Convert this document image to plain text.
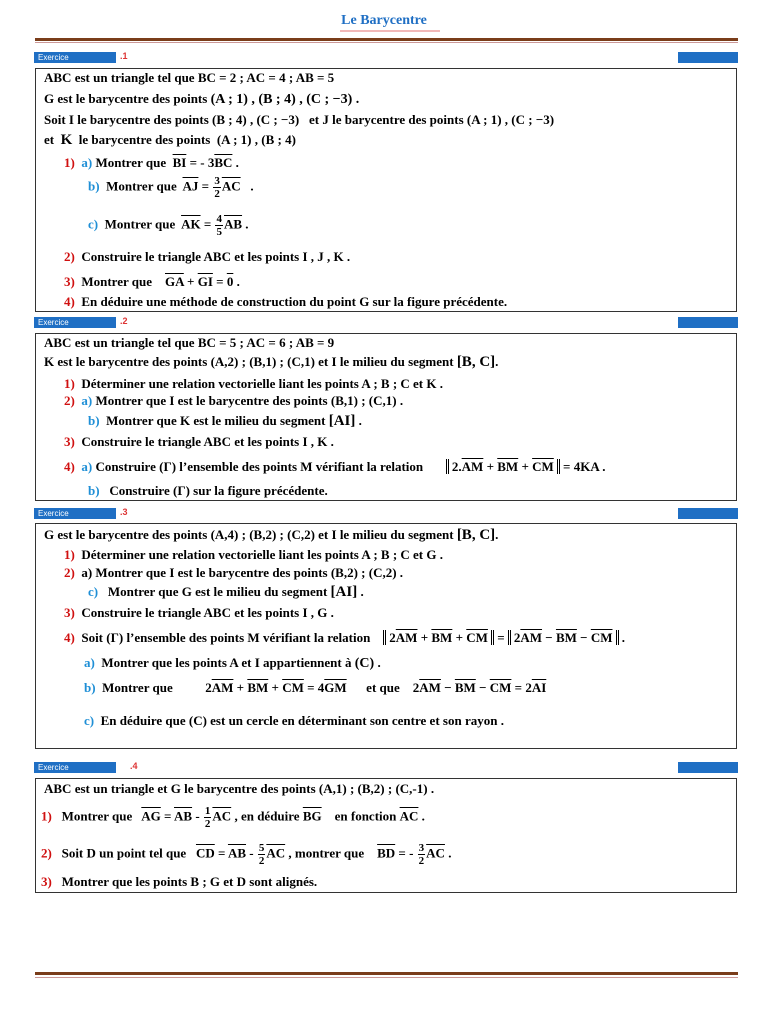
Le Barycentre
Exercice	.1
ABC est un triangle tel que BC = 2 ; AC = 4 ; AB = 5
G est le barycentre des points (A ; 1) , (B ; 4) , (C ; −3) .
Soit I le barycentre des points (B ; 4) , (C ; −3) et J le barycentre des points (A ; 1) , (C ; −3)
et K le barycentre des points (A ; 1) , (B ; 4)
1) a) Montrer que $\overline{BI}$ = - $3\overline{BC}$ .
b) Montrer que $\overline{AJ} = \frac{3}{2} \overline{AC}$   .
c) Montrer que $\overline{AK} = \frac{4}{5} \overline{AB}$ .
2) Construire le triangle ABC et les points I , J , K .
3) Montrer que $\overline{GA} + \overline{GI} = 0$ .
4) En déduire une méthode de construction du point G sur la figure précédente.
Exercice	.2
ABC est un triangle tel que BC = 5 ; AC = 6 ; AB = 9
K est le barycentre des points (A,2) ; (B,1) ; (C,1) et I le milieu du segment [B, C].
1) Déterminer une relation vectorielle liant les points A ; B ; C et K .
2) a) Montrer que I est le barycentre des points (B,1) ; (C,1) .
b) Montrer que K est le milieu du segment [AI] .
3) Construire le triangle ABC et les points I , K .
4) a) Construire (Γ) l’ensemble des points M vérifiant la relation $2.\overline{AM} + \overline{BM} + \overline{CM} = 4KA$ .
b) Construire (Γ) sur la figure précédente.
Exercice	.3
G est le barycentre des points (A,4) ; (B,2) ; (C,2) et I le milieu du segment [B, C].
1) Déterminer une relation vectorielle liant les points A ; B ; C et G .
2) a) Montrer que I est le barycentre des points (B,2) ; (C,2) .
c) Montrer que G est le milieu du segment [AI] .
3) Construire le triangle ABC et les points I , G .
4) Soit (Γ) l’ensemble des points M vérifiant la relation $2\overline{AM} + \overline{BM} + \overline{CM} = 2\overline{AM} - \overline{BM} - \overline{CM}$ .
a) Montrer que les points A et I appartiennent à (C) .
b) Montrer que	$2\overline{AM} + \overline{BM} + \overline{CM} = 4\overline{GM}$ et que $2\overline{AM} - \overline{BM} - \overline{CM} = 2\overline{AI}$
c) En déduire que (C) est un cercle en déterminant son centre et son rayon .
Exercice	.4
ABC est un triangle et G le barycentre des points (A,1) ; (B,2) ; (C,-1) .
1) Montrer que $\overline{AG} = \overline{AB} - \frac{1}{2} \overline{AC}$ , en déduire $\overline{BG}$ en fonction $\overline{AC}$ .
2) Soit D un point tel que $\overline{CD} = \overline{AB} - \frac{5}{2} \overline{AC}$ , montrer que $\overline{BD}$ = - $\frac{3}{2} \overline{AC}$ .
3) Montrer que les points B ; G et D sont alignés.
